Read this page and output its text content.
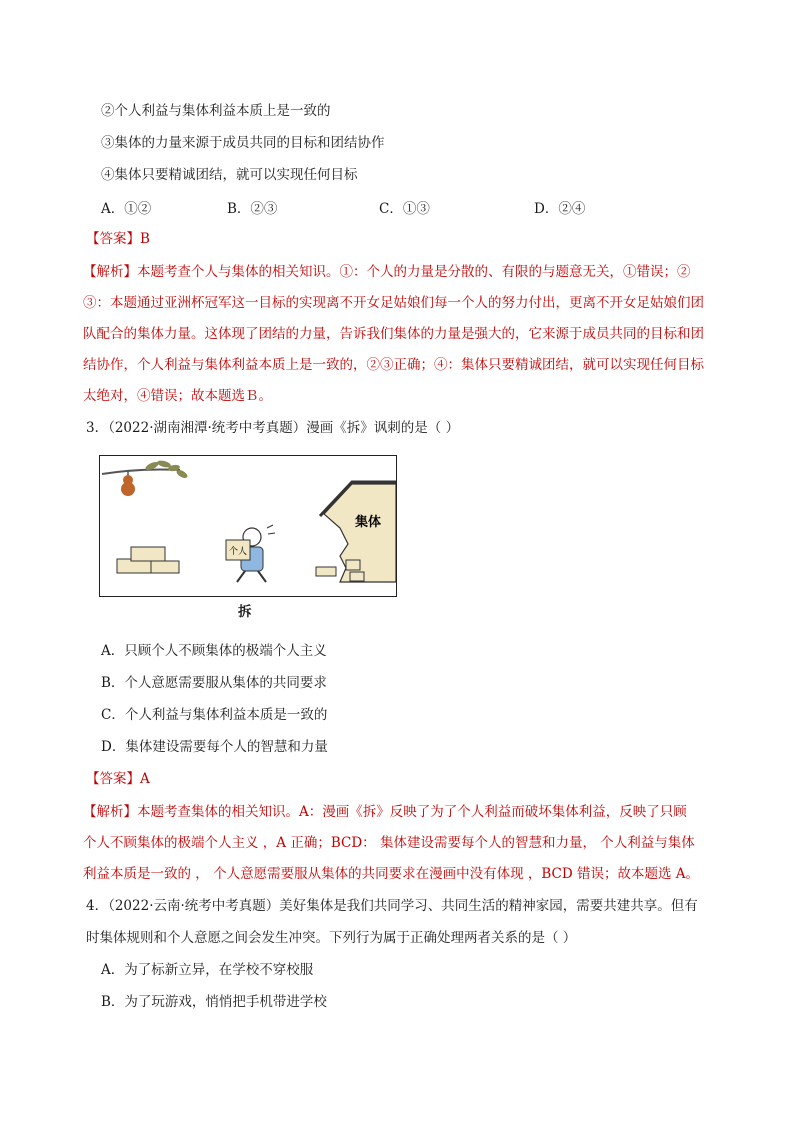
②个人利益与集体利益本质上是一致的
③集体的力量来源于成员共同的目标和团结协作
④集体只要精诚团结，就可以实现任何目标
A．①②	B．②③	C．①③	D．②④
【答案】B

【解析】本题考查个人与集体的相关知识。①：个人的力量是分散的、有限的与题意无关，①错误；②

③：本题通过亚洲杯冠军这一目标的实现离不开女足姑娘们每一个人的努力付出，更离不开女足姑娘们团

队配合的集体力量。这体现了团结的力量，告诉我们集体的力量是强大的，它来源于成员共同的目标和团

结协作，个人利益与集体利益本质上是一致的，②③正确；④：集体只要精诚团结，就可以实现任何目标

太绝对，④错误；故本题选Ｂ。

3．（2022·湖南湘潭·统考中考真题）漫画《拆》讽刺的是（ ）
个人
集体
拆
A．只顾个人不顾集体的极端个人主义
B．个人意愿需要服从集体的共同要求
C．个人利益与集体利益本质是一致的
D．集体建设需要每个人的智慧和力量
【答案】A

【解析】本题考查集体的相关知识。A：漫画《拆》反映了为了个人利益而破坏集体利益，反映了只顾

个人不顾集体的极端个人主义 ，A 正确；BCD： 集体建设需要每个人的智慧和力量， 个人利益与集体

利益本质是一致的 ， 个人意愿需要服从集体的共同要求在漫画中没有体现 ，BCD 错误；故本题选 A。

4．（2022·云南·统考中考真题）美好集体是我们共同学习、共同生活的精神家园，需要共建共享。但有
时集体规则和个人意愿之间会发生冲突。下列行为属于正确处理两者关系的是（ ）
A．为了标新立异，在学校不穿校服
B．为了玩游戏，悄悄把手机带进学校
